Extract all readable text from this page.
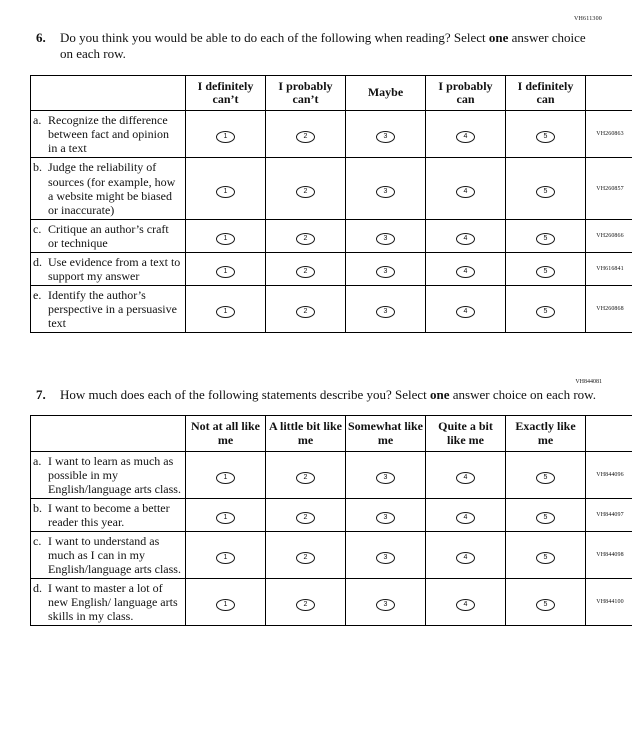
VH611300
6.	Do you think you would be able to do each of the following when reading? Select one answer choice on each row.
	I definitely can’t	I probably can’t	Maybe	I probably can	I definitely can	

a. Recognize the difference between fact and opinion in a text	1	2	3	4	5	VH260863

b. Judge the reliability of sources (for example, how a website might be biased or inaccurate)	1	2	3	4	5	VH260857

c. Critique an author’s craft or technique	1	2	3	4	5	VH260866

d. Use evidence from a text to support my answer	1	2	3	4	5	VH616841

e. Identify the author’s perspective in a persuasive text	1	2	3	4	5	VH260868
VH844081
7.	How much does each of the following statements describe you? Select one answer choice on each row.
	Not at all like me	A little bit like me	Somewhat like me	Quite a bit like me	Exactly like me	

a. I want to learn as much as possible in my English/language arts class.	1	2	3	4	5	VH844096

b. I want to become a better reader this year.	1	2	3	4	5	VH844097

c. I want to understand as much as I can in my English/language arts class.	1	2	3	4	5	VH844098

d. I want to master a lot of new English/ language arts skills in my class.	1	2	3	4	5	VH844100
